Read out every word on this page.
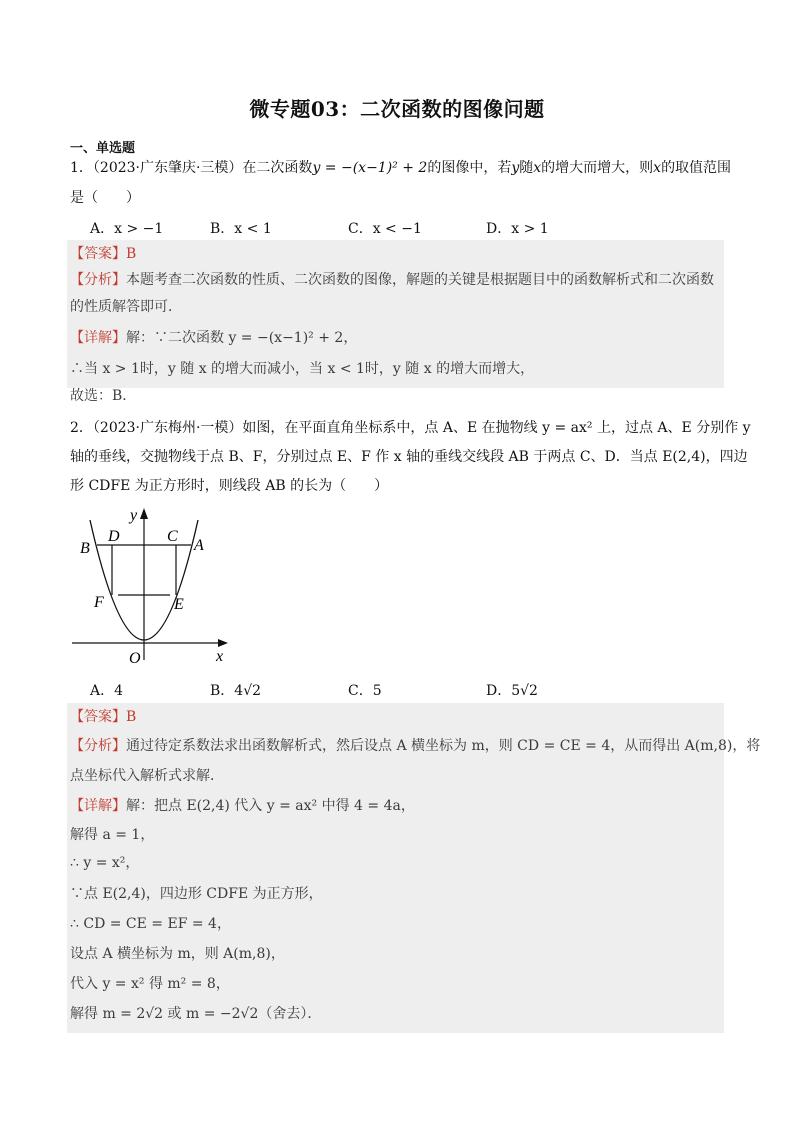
微专题03：二次函数的图像问题
一、单选题
1．（2023·广东肇庆·三模）在二次函数y = −(x−1)² + 2的图像中，若y随x的增大而增大，则x的取值范围
是（　　）
A．x > −1	B．x < 1	C．x < −1	D．x > 1
【答案】B
【分析】本题考查二次函数的性质、二次函数的图像，解题的关键是根据题目中的函数解析式和二次函数
的性质解答即可．
【详解】解：∵二次函数 y = −(x−1)² + 2，
∴当 x > 1时，y 随 x 的增大而减小，当 x < 1时，y 随 x 的增大而增大，
故选：B．
2．（2023·广东梅州·一模）如图，在平面直角坐标系中，点 A、E 在抛物线 y = ax² 上，过点 A、E 分别作 y
轴的垂线，交抛物线于点 B、F，分别过点 E、F 作 x 轴的垂线交线段 AB 于两点 C、D．当点 E(2,4)，四边
形 CDFE 为正方形时，则线段 AB 的长为（　　）
y
x
O
B	A
D	C
F	E
A．4	B．4√2	C．5	D．5√2
【答案】B
【分析】通过待定系数法求出函数解析式，然后设点 A 横坐标为 m，则 CD = CE = 4，从而得出 A(m,8)，将
点坐标代入解析式求解．
【详解】解：把点 E(2,4) 代入 y = ax² 中得 4 = 4a，
解得 a = 1，
∴ y = x²，
∵点 E(2,4)，四边形 CDFE 为正方形，
∴ CD = CE = EF = 4，
设点 A 横坐标为 m，则 A(m,8)，
代入 y = x² 得 m² = 8，
解得 m = 2√2 或 m = −2√2（舍去）．
